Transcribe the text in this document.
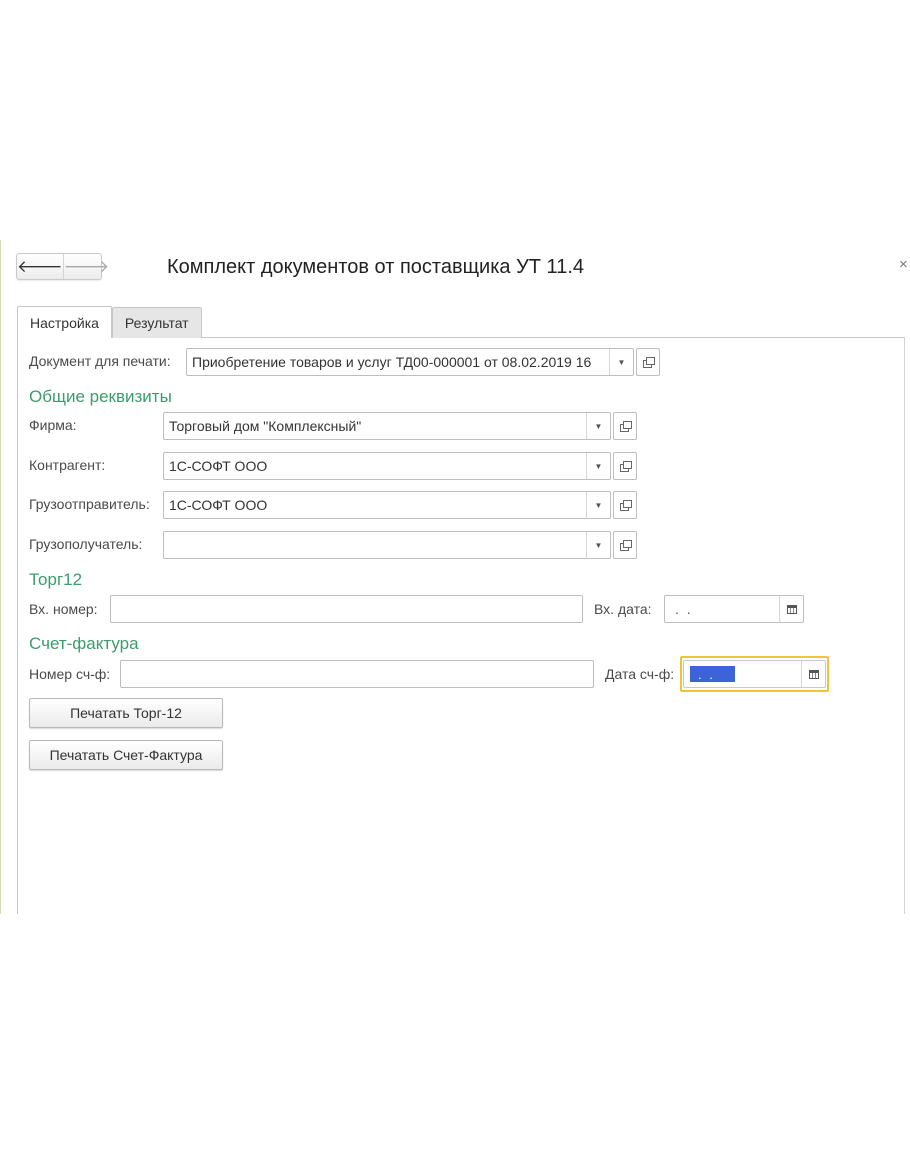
🡐 🡒	Комплект документов от поставщика УТ 11.4	×
Настройка	Результат
Документ для печати:	Приобретение товаров и услуг ТД00-000001 от 08.02.2019 16	▼
Общие реквизиты
Фирма:	Торговый дом "Комплексный"	▼
Контрагент:	1С-СОФТ ООО	▼
Грузоотправитель:	1С-СОФТ ООО	▼
Грузополучатель:	▼
Торг12
Вх. номер:	Вх. дата:	. .
Счет-фактура
Номер сч-ф:	Дата сч-ф:	. .
Печатать Торг-12
Печатать Счет-Фактура
